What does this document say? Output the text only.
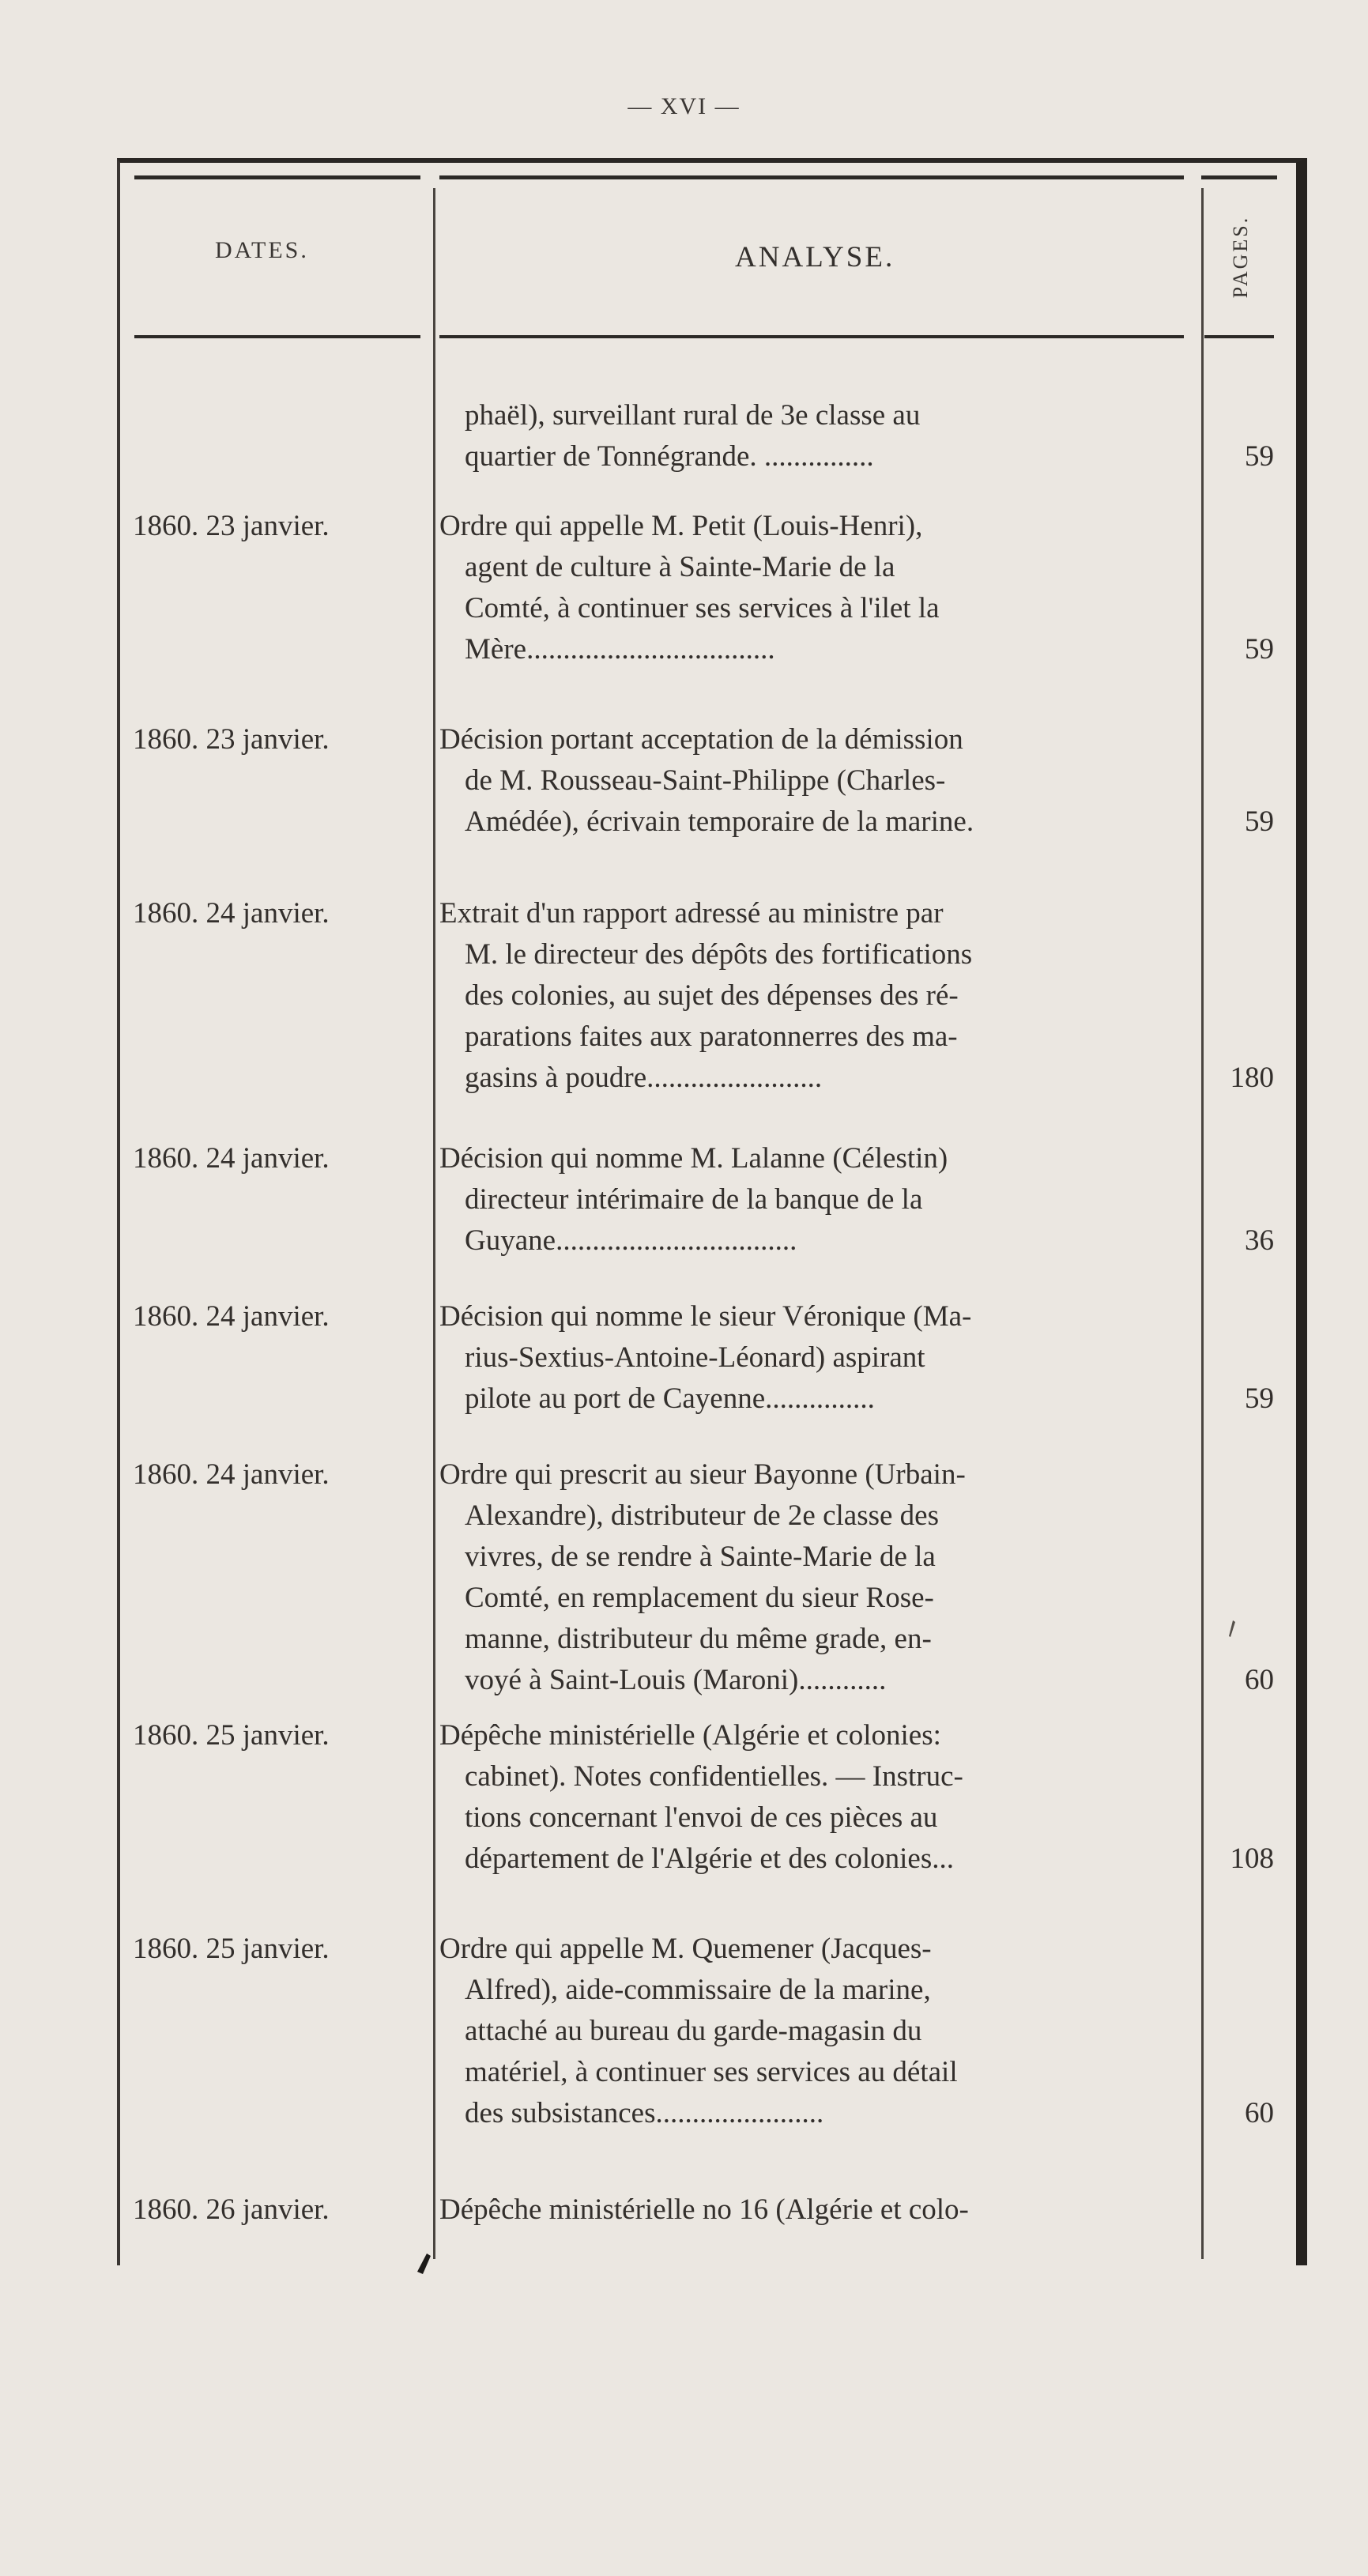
— XVI —
DATES.	ANALYSE.	PAGES.
phaël), surveillant rural de 3e classe au
quartier de Tonnégrande. ...............	59
1860. 23 janvier.	Ordre qui appelle M. Petit (Louis-Henri),
agent de culture à Sainte-Marie de la
Comté, à continuer ses services à l'ilet la
Mère..................................	59
1860. 23 janvier.	Décision portant acceptation de la démission
de M. Rousseau-Saint-Philippe (Charles-
Amédée), écrivain temporaire de la marine.	59
1860. 24 janvier.	Extrait d'un rapport adressé au ministre par
M. le directeur des dépôts des fortifications
des colonies, au sujet des dépenses des ré-
parations faites aux paratonnerres des ma-
gasins à poudre........................	180
1860. 24 janvier.	Décision qui nomme M. Lalanne (Célestin)
directeur intérimaire de la banque de la
Guyane.................................	36
1860. 24 janvier.	Décision qui nomme le sieur Véronique (Ma-
rius-Sextius-Antoine-Léonard) aspirant
pilote au port de Cayenne...............	59
1860. 24 janvier.	Ordre qui prescrit au sieur Bayonne (Urbain-
Alexandre), distributeur de 2e classe des
vivres, de se rendre à Sainte-Marie de la
Comté, en remplacement du sieur Rose-
manne, distributeur du même grade, en-
voyé à Saint-Louis (Maroni)............	60
1860. 25 janvier.	Dépêche ministérielle (Algérie et colonies:
cabinet). Notes confidentielles. — Instruc-
tions concernant l'envoi de ces pièces au
département de l'Algérie et des colonies...	108
1860. 25 janvier.	Ordre qui appelle M. Quemener (Jacques-
Alfred), aide-commissaire de la marine,
attaché au bureau du garde-magasin du
matériel, à continuer ses services au détail
des subsistances.......................	60
1860. 26 janvier.	Dépêche ministérielle no 16 (Algérie et colo-
